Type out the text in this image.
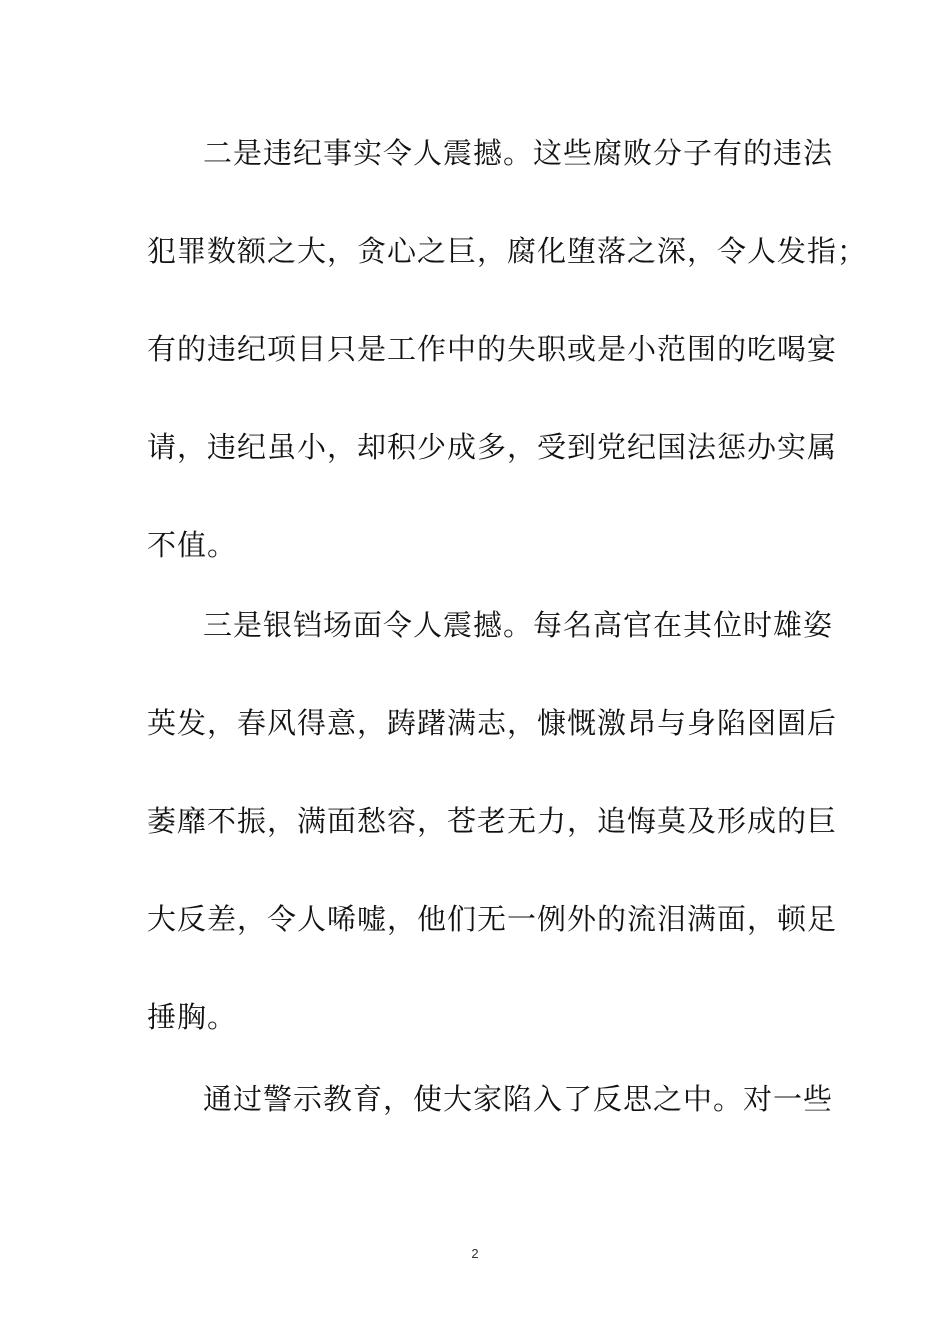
二是违纪事实令人震撼。这些腐败分子有的违法
犯罪数额之大，贪心之巨，腐化堕落之深，令人发指；
有的违纪项目只是工作中的失职或是小范围的吃喝宴
请，违纪虽小，却积少成多，受到党纪国法惩办实属
不值。
三是银铛场面令人震撼。每名高官在其位时雄姿
英发，春风得意，踌躇满志，慷慨激昂与身陷囹圄后
萎靡不振，满面愁容，苍老无力，追悔莫及形成的巨
大反差，令人唏嘘，他们无一例外的流泪满面，顿足
捶胸。
通过警示教育，使大家陷入了反思之中。对一些
2
